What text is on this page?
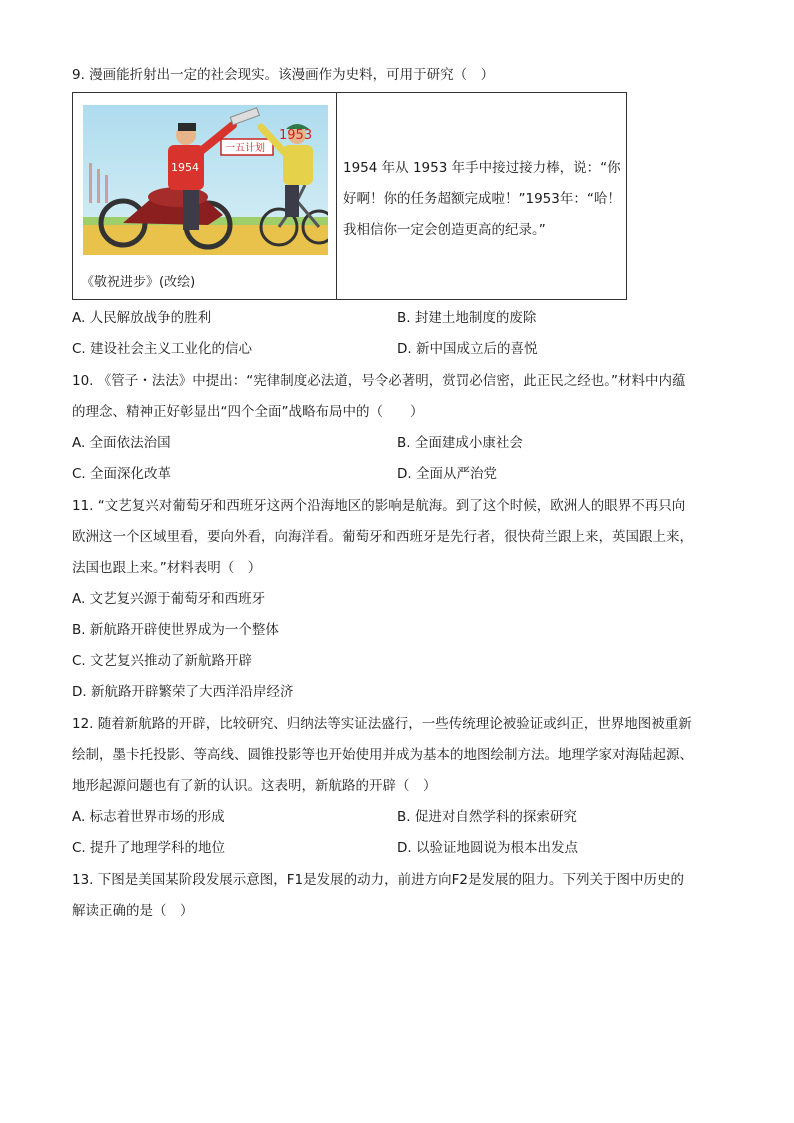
9. 漫画能折射出一定的社会现实。该漫画作为史料，可用于研究（　）
1954
一五计划
1953
《敬祝进步》(改绘)
1954 年从 1953 年手中接过接力棒，说：“你
好啊！你的任务超额完成啦！”1953年：“哈！
我相信你一定会创造更高的纪录。”
A. 人民解放战争的胜利	B. 封建土地制度的废除
C. 建设社会主义工业化的信心	D. 新中国成立后的喜悦
10. 《管子・法法》中提出：“宪律制度必法道，号令必著明，赏罚必信密，此正民之经也。”材料中内蕴
的理念、精神正好彰显出“四个全面”战略布局中的（　　）
A. 全面依法治国	B. 全面建成小康社会
C. 全面深化改革	D. 全面从严治党
11. “文艺复兴对葡萄牙和西班牙这两个沿海地区的影响是航海。到了这个时候，欧洲人的眼界不再只向
欧洲这一个区域里看，要向外看，向海洋看。葡萄牙和西班牙是先行者，很快荷兰跟上来，英国跟上来，
法国也跟上来。”材料表明（　）
A. 文艺复兴源于葡萄牙和西班牙
B. 新航路开辟使世界成为一个整体
C. 文艺复兴推动了新航路开辟
D. 新航路开辟繁荣了大西洋沿岸经济
12. 随着新航路的开辟，比较研究、归纳法等实证法盛行，一些传统理论被验证或纠正，世界地图被重新
绘制，墨卡托投影、等高线、圆锥投影等也开始使用并成为基本的地图绘制方法。地理学家对海陆起源、
地形起源问题也有了新的认识。这表明，新航路的开辟（　）
A. 标志着世界市场的形成	B. 促进对自然学科的探索研究
C. 提升了地理学科的地位	D. 以验证地圆说为根本出发点
13. 下图是美国某阶段发展示意图，F1是发展的动力，前进方向F2是发展的阻力。下列关于图中历史的
解读正确的是（　）
